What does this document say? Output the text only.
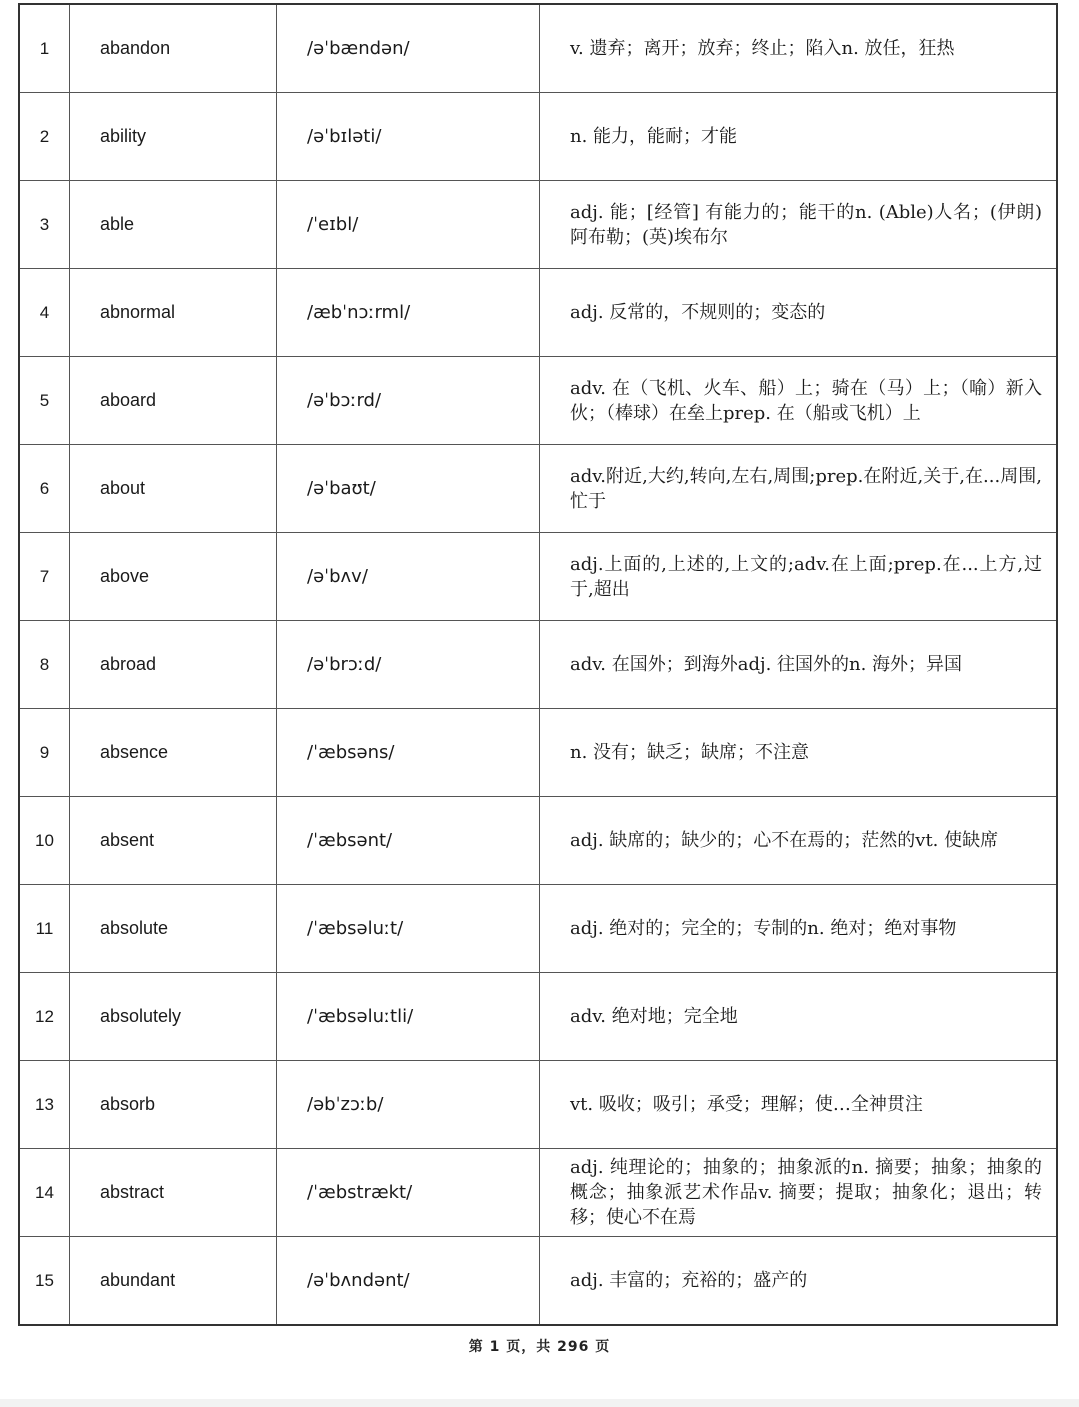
1	abandon	/əˈbændən/	v. 遗弃；离开；放弃；终止；陷入n. 放任，狂热
2	ability	/əˈbɪləti/	n. 能力，能耐；才能
3	able	/ˈeɪbl/	adj. 能；[经管] 有能力的；能干的n. (Able)人名；(伊朗)阿布勒；(英)埃布尔
4	abnormal	/æbˈnɔːrml/	adj. 反常的，不规则的；变态的
5	aboard	/əˈbɔːrd/	adv. 在（飞机、火车、船）上；骑在（马）上；（喻）新入伙；（棒球）在垒上prep. 在（船或飞机）上
6	about	/əˈbaʊt/	adv.附近,大约,转向,左右,周围;prep.在附近,关于,在...周围,忙于
7	above	/əˈbʌv/	adj.上面的,上述的,上文的;adv.在上面;prep.在...上方,过于,超出
8	abroad	/əˈbrɔːd/	adv. 在国外；到海外adj. 往国外的n. 海外；异国
9	absence	/ˈæbsəns/	n. 没有；缺乏；缺席；不注意
10	absent	/ˈæbsənt/	adj. 缺席的；缺少的；心不在焉的；茫然的vt. 使缺席
11	absolute	/ˈæbsəluːt/	adj. 绝对的；完全的；专制的n. 绝对；绝对事物
12	absolutely	/ˈæbsəluːtli/	adv. 绝对地；完全地
13	absorb	/əbˈzɔːb/	vt. 吸收；吸引；承受；理解；使…全神贯注
14	abstract	/ˈæbstrækt/	adj. 纯理论的；抽象的；抽象派的n. 摘要；抽象；抽象的概念；抽象派艺术作品v. 摘要；提取；抽象化；退出；转移；使心不在焉
15	abundant	/əˈbʌndənt/	adj. 丰富的；充裕的；盛产的
第 1 页，共 296 页
